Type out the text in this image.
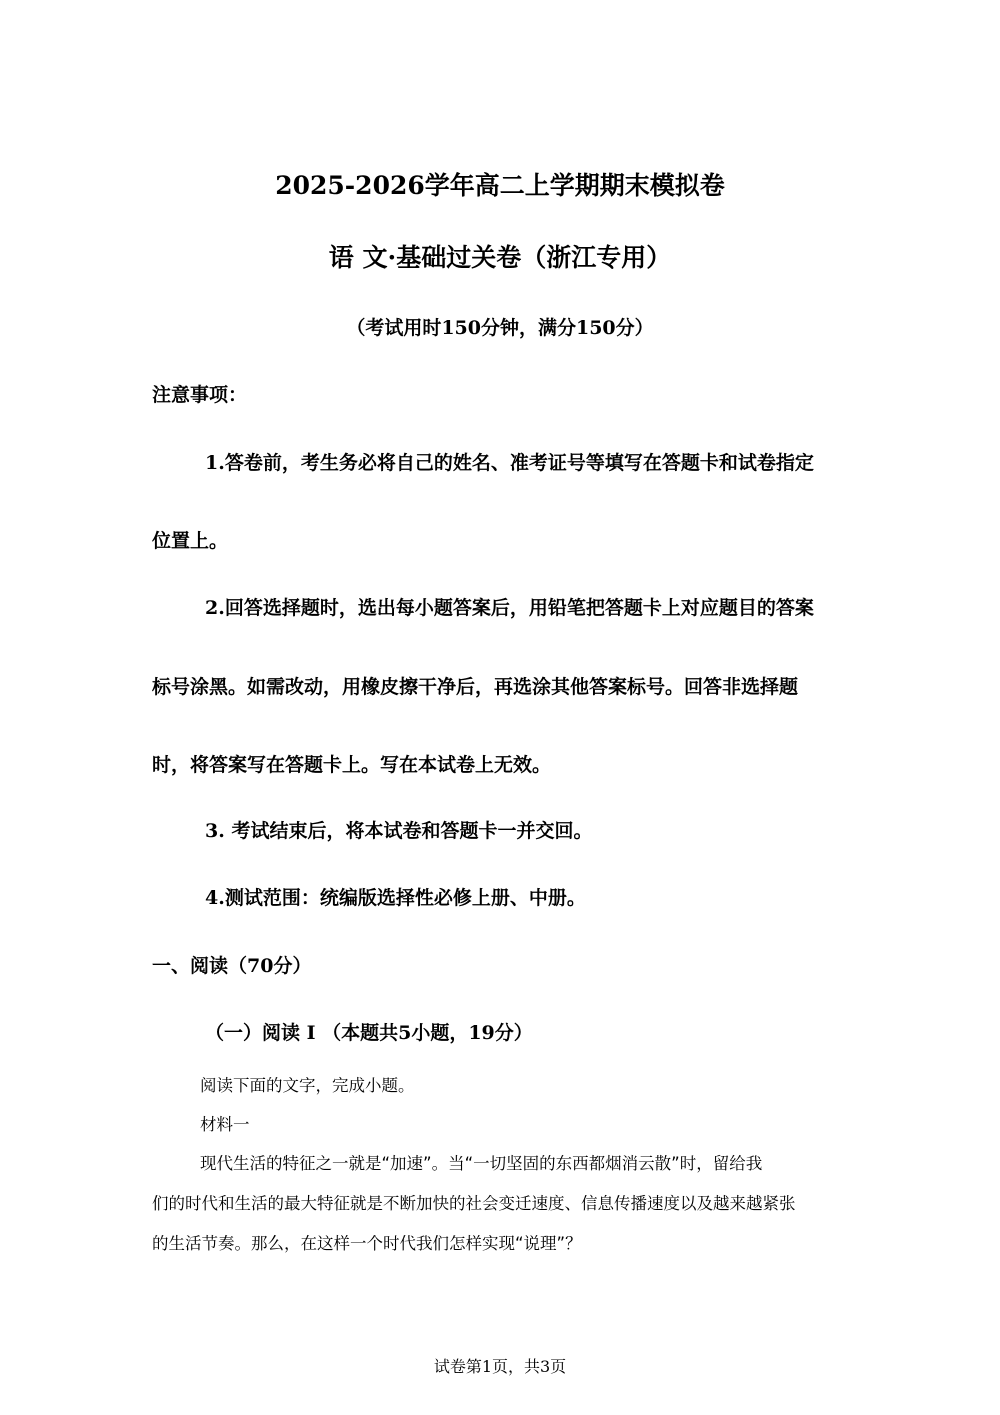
2025-2026学年高二上学期期末模拟卷
语 文·基础过关卷（浙江专用）
（考试用时150分钟，满分150分）
注意事项：
1.答卷前，考生务必将自己的姓名、准考证号等填写在答题卡和试卷指定
位置上。
2.回答选择题时，选出每小题答案后，用铅笔把答题卡上对应题目的答案
标号涂黑。如需改动，用橡皮擦干净后，再选涂其他答案标号。回答非选择题
时，将答案写在答题卡上。写在本试卷上无效。
3. 考试结束后，将本试卷和答题卡一并交回。
4.测试范围：统编版选择性必修上册、中册。
一、阅读（70分）
（一）阅读 I （本题共5小题，19分）
阅读下面的文字，完成小题。
材料一
现代生活的特征之一就是“加速”。当“一切坚固的东西都烟消云散”时，留给我
们的时代和生活的最大特征就是不断加快的社会变迁速度、信息传播速度以及越来越紧张
的生活节奏。那么，在这样一个时代我们怎样实现“说理”？
试卷第1页，共3页
